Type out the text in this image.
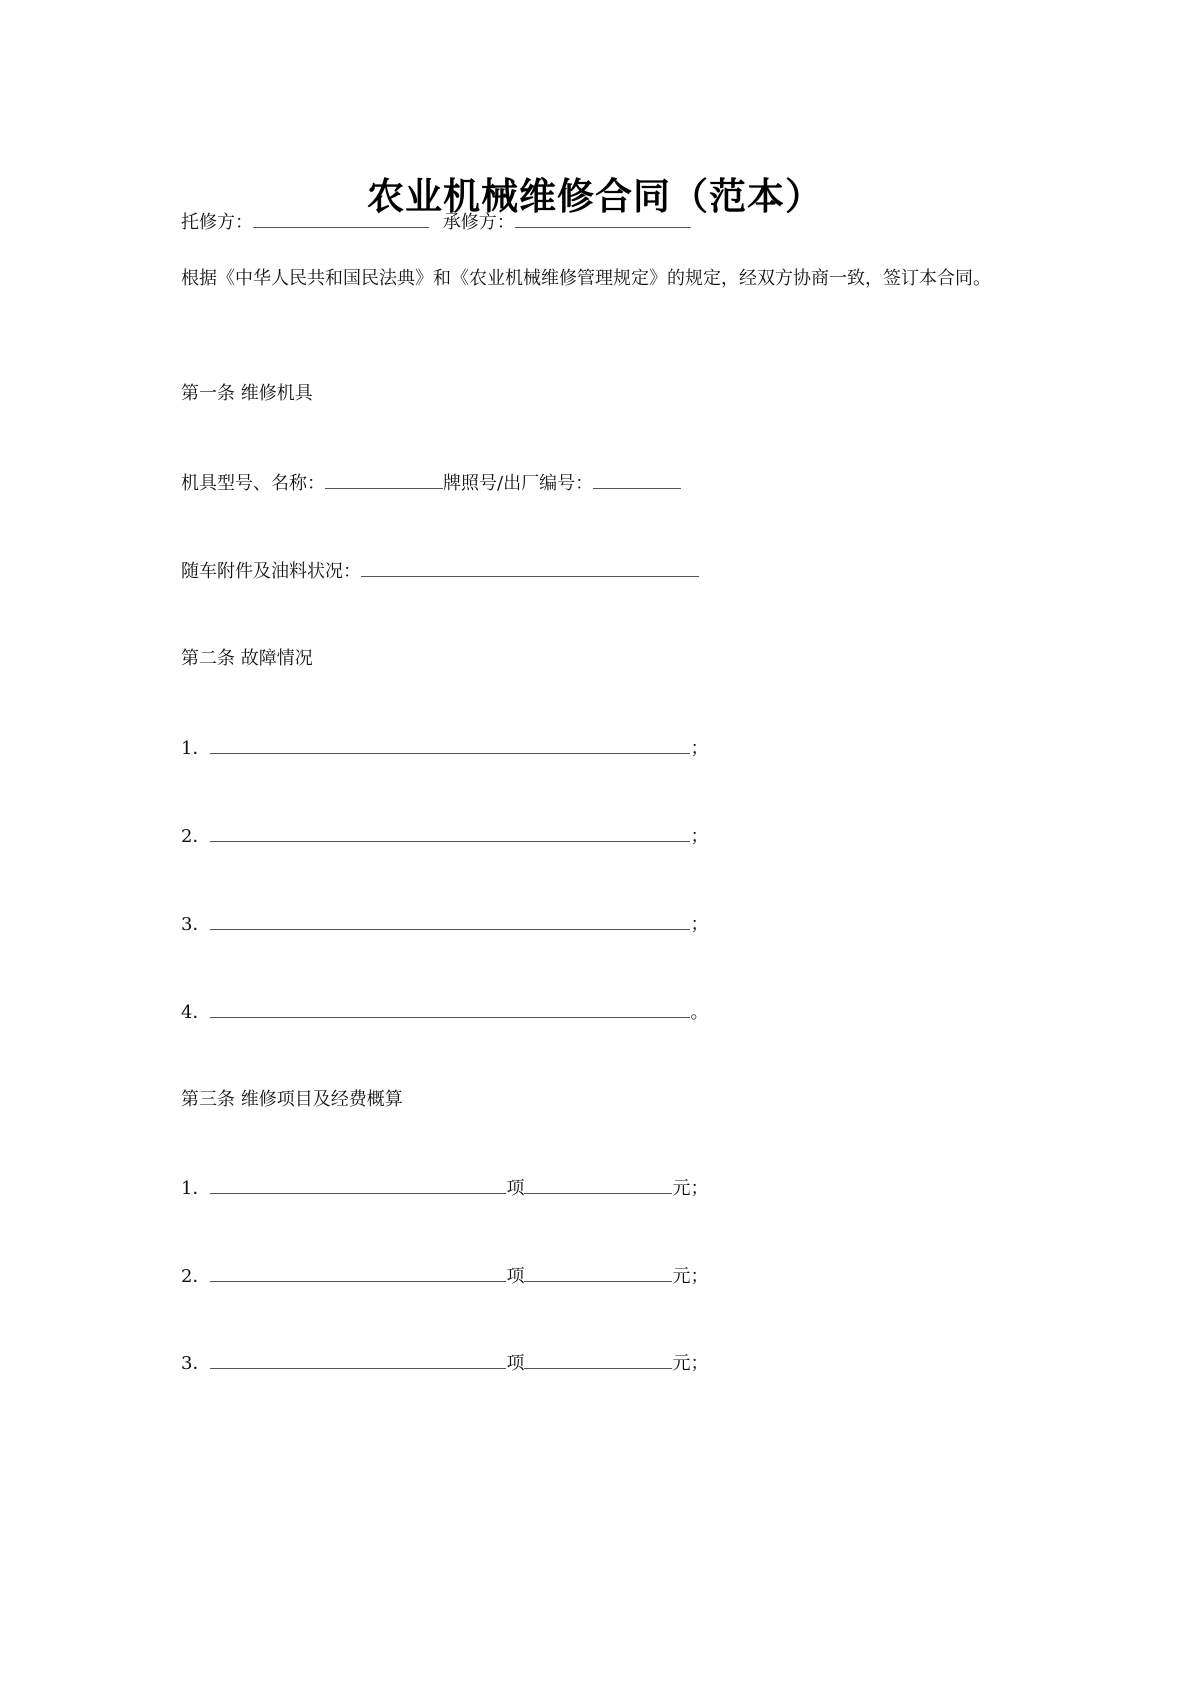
农业机械维修合同（范本）
托修方：	承修方：
根据《中华人民共和国民法典》和《农业机械维修管理规定》的规定，经双方协商一致，签订本合同。
第一条 维修机具
机具型号、名称：	牌照号/出厂编号：
随车附件及油料状况：
第二条 故障情况
1．	；
2．	；
3．	；
4．	。
第三条 维修项目及经费概算
1．	项	元；
2．	项	元；
3．	项	元；
